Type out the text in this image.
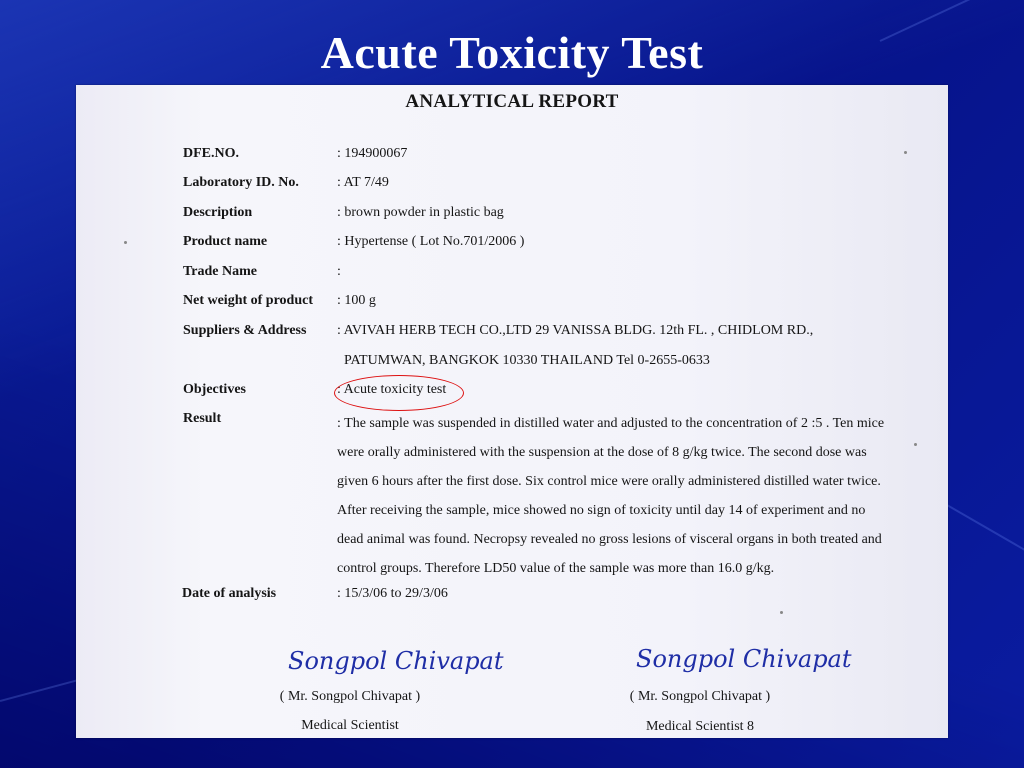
Acute Toxicity Test
ANALYTICAL REPORT
DFE.NO.	: 194900067
Laboratory ID. No.	: AT 7/49
Description	: brown powder in plastic bag
Product name	: Hypertense ( Lot No.701/2006 )
Trade Name	:
Net weight of product : 100 g
Suppliers & Address : AVIVAH HERB TECH CO.,LTD 29 VANISSA BLDG. 12th FL. , CHIDLOM RD.,
PATUMWAN, BANGKOK 10330 THAILAND Tel 0-2655-0633
Objectives	: Acute toxicity test
Result	: The sample was suspended in distilled water and adjusted to the concentration of 2 :5 . Ten mice

were orally administered with the suspension at the dose of 8 g/kg twice. The second dose was

given 6 hours after the first dose. Six control mice were orally administered distilled water twice.

After receiving the sample, mice showed no sign of toxicity until day 14 of experiment and no

dead animal was found. Necropsy revealed no gross lesions of visceral organs in both treated and

control groups. Therefore LD50 value of the sample was more than 16.0 g/kg.

Date of analysis	: 15/3/06 to 29/3/06
Songpol Chivapat
( Mr. Songpol Chivapat )
Medical Scientist
Songpol Chivapat
( Mr. Songpol Chivapat )
Medical Scientist 8
